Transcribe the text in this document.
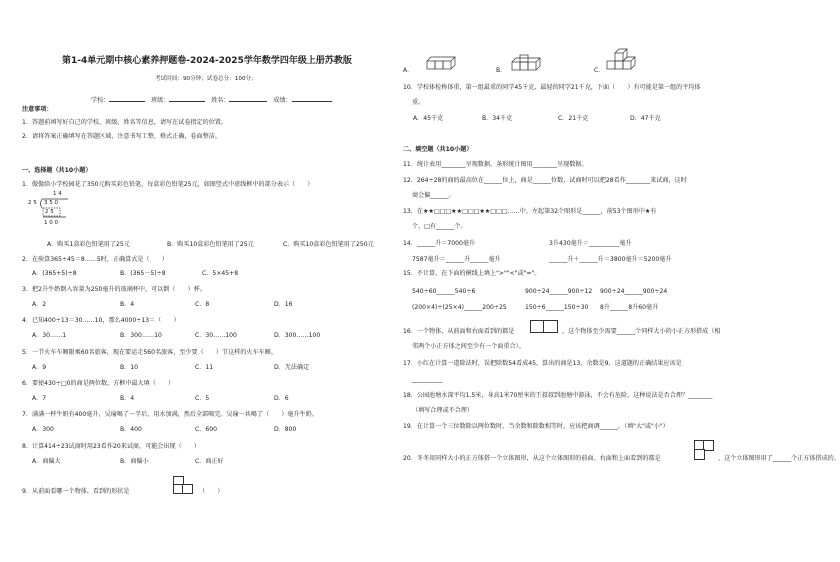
第1-4单元期中核心素养押题卷-2024-2025学年数学四年级上册苏教版
考试时间：90分钟；试卷总分：100分；
学校：	班级：	姓名：	成绩：
注意事项：
1．答题前填写好自己的学校、班级、姓名等信息，请写在试卷指定的位置。
2．请将答案正确填写在答题区域，注意书写工整，格式正确，卷面整洁。
一、选择题（共10小题）
1．傲傲给小学校园花了350元购买彩色铅笔，每盒彩色铅笔25元，如图竖式中虚线框中的部分表示（　　）
1 4
2 5 3 5 0
2 5
1 0 0
A．购买1盒彩色铅笔用了25元	B．购买10盒彩色铅笔用了25元	C．购买10盒彩色铅笔用了250元
2．在验算365÷45＝8……5时，正确算式是（　　）
A．(365+5)÷8	B．(365－5)÷8	C．5×45+8
3．把2升牛奶倒入容量为250毫升的玻璃杯中，可以倒（　　）杯。
A．2	B．4	C．8	D．16
4．已知400÷13＝30……10，那么4000÷13＝（　　）
A．30……1	B．300……10	C．30……100	D．300……100
5．一节火车车厢限乘60名旅客，现在要运走560名旅客，至少要（　　）节这样的火车车厢。
A．9	B．10	C．11	D．无法确定
6．要使430÷□0的商是两位数，方框中最大填（　　）
A．7	B．4	C．5	D．6
7．满满一杯牛奶有400毫升，吴瑜喝了一半后，用水加满，然后全部喝完。吴瑜一共喝了（　　）毫升牛奶。
A．300	B．400	C．600	D．800
8．计算414÷23试商时用23看作20来试商，可能会出现（　　）
A．商偏大	B．商偏小	C．商正好
9．从前面看哪一个物体，看到的形状是	（　　）
A．	B．	C．
10．学校体检称体重，第一组最重的同学45千克，最轻的同学21千克，下面（　　）有可能是第一组的平均体
重。
A．45千克	B．34千克	C．21千克	D．47千克
二、填空题（共10小题）
11．统计表用________呈现数据，条形统计图用________呈现数据。
12．264÷28的商的最高位在______位上，商是______位数，试商时可以把28看作________来试商，这时
商会偏______。
13．在★★□□□★★□□□★★□□□……中，左起第32个图形是______，前53个图形中★有
个，□有______个。
14．______升＝7000毫升	3升430毫升＝__________毫升
7587毫升＝______升______毫升	______升＋______升＝3800毫升＝5200毫升
15．不计算，在下面的横线上填上">""<"或"="。
540÷60______540÷6	900÷24______900÷12 900÷24______900÷24
(200×4)÷(25×4)______200÷25	150÷6______150÷30 8升______8升60毫升
16．一个物体，从前面和右面看到的都是	，这个物体至少需要______个同样大小的小正方形搭成（相
邻两个小正方体之间至少有一个面重合）。
17．小红在计算一道除法时，误把除数54看成45，算出的商是13，余数是9，这道题的正确结果应该是
__________
18．公园池塘水深平均1.5米，身高1米70厘米的王叔叔到池塘中游泳，不会有危险，这种说法是否合理？________
（填写合理或不合理）
19．在计算一个三位数除以两位数时，当余数和除数相等时，应该把商调______，（填"大"或"小"）
20．冬冬用同样大小的正方体搭一个立体图形，从这个立体图形的前面、右面和上面看到的都是	，这个立体图形用了______个正方体搭成的。
